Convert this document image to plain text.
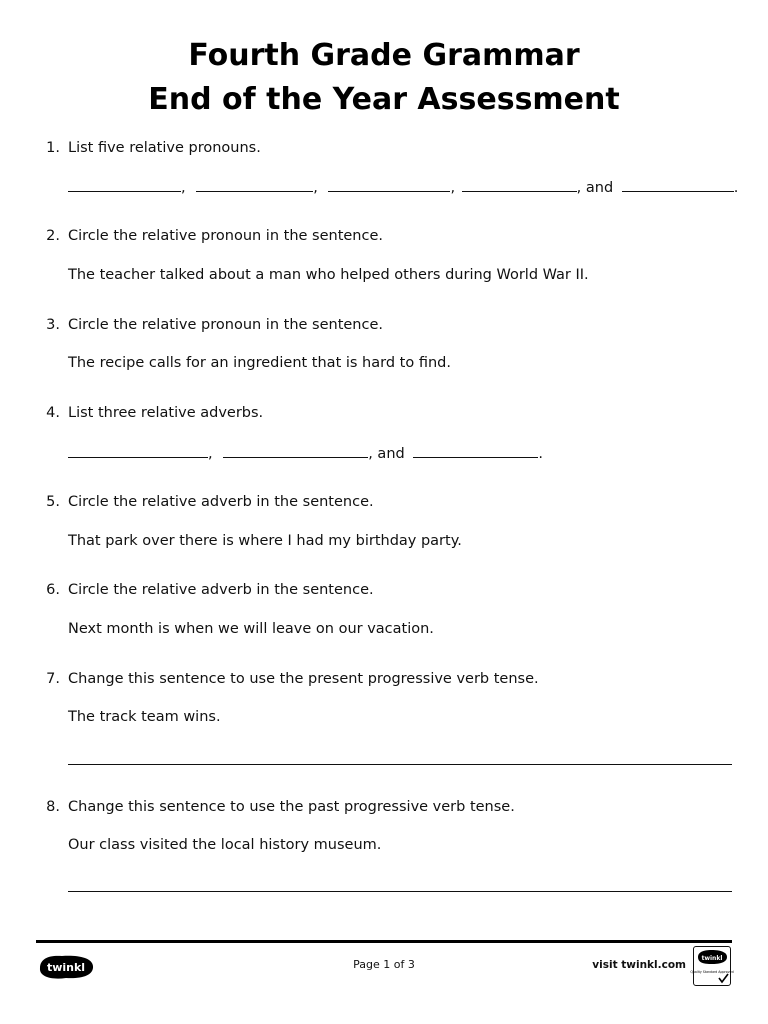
Fourth Grade Grammar
End of the Year Assessment
1. List five relative pronouns.
,	,	,	, and	.
2. Circle the relative pronoun in the sentence.
The teacher talked about a man who helped others during World War II.
3. Circle the relative pronoun in the sentence.
The recipe calls for an ingredient that is hard to find.
4. List three relative adverbs.
,	, and	.
5. Circle the relative adverb in the sentence.
That park over there is where I had my birthday party.
6. Circle the relative adverb in the sentence.
Next month is when we will leave on our vacation.
7. Change this sentence to use the present progressive verb tense.
The track team wins.
8. Change this sentence to use the past progressive verb tense.
Our class visited the local history museum.
twinkl	Page 1 of 3	visit twinkl.com
twinkl
Quality Standard Approved
